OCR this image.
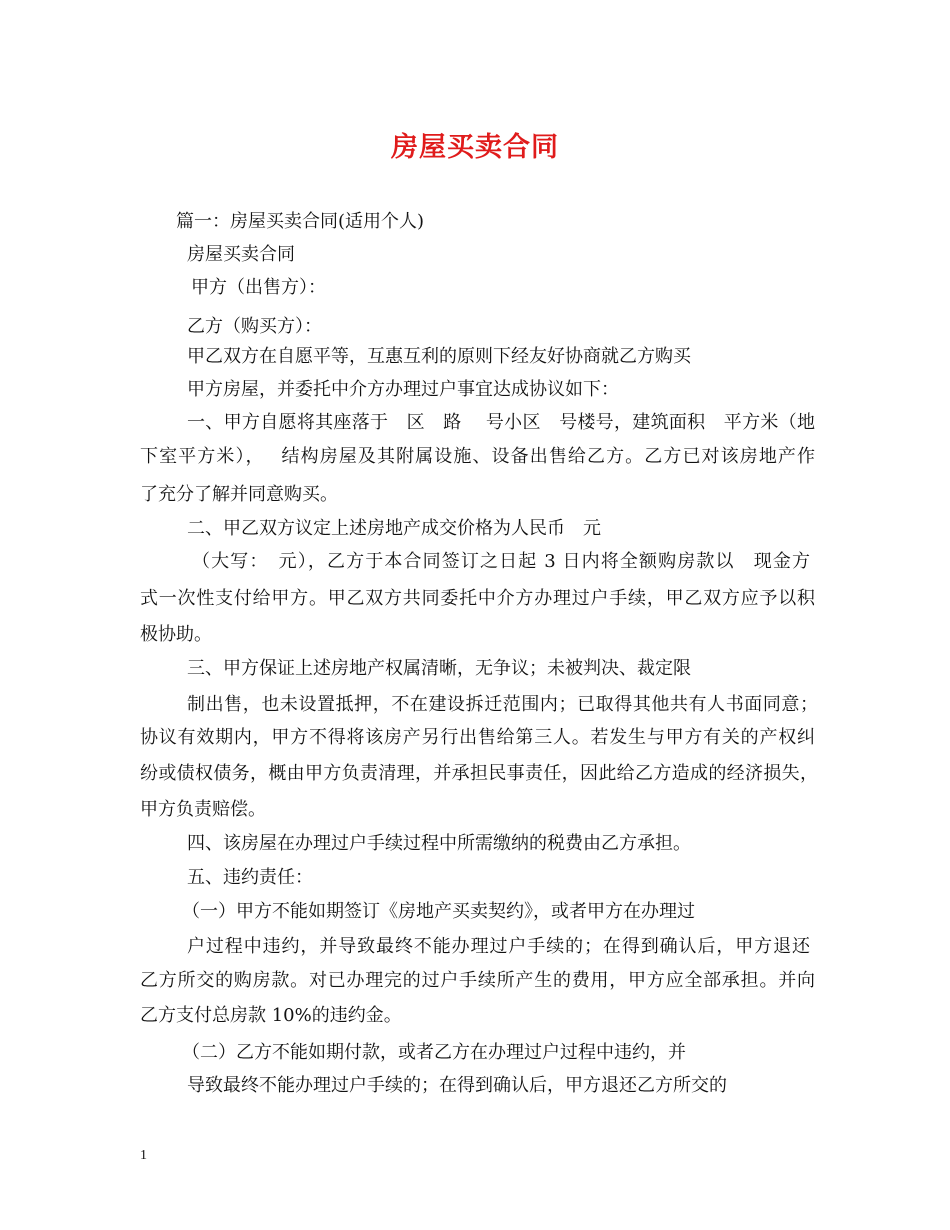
房屋买卖合同
篇一：房屋买卖合同(适用个人)
房屋买卖合同
甲方（出售方）：
乙方（购买方）：
甲乙双方在自愿平等，互惠互利的原则下经友好协商就乙方购买
甲方房屋，并委托中介方办理过户事宜达成协议如下：
一、甲方自愿将其座落于　区　路　 号小区　号楼号，建筑面积　平方米（地
下室平方米），　 结构房屋及其附属设施、设备出售给乙方。乙方已对该房地产作
了充分了解并同意购买。
二、甲乙双方议定上述房地产成交价格为人民币　元
（大写：　元），乙方于本合同签订之日起 3 日内将全额购房款以　现金方
式一次性支付给甲方。甲乙双方共同委托中介方办理过户手续，甲乙双方应予以积
极协助。
三、甲方保证上述房地产权属清晰，无争议；未被判决、裁定限
制出售，也未设置抵押，不在建设拆迁范围内；已取得其他共有人书面同意；
协议有效期内，甲方不得将该房产另行出售给第三人。若发生与甲方有关的产权纠
纷或债权债务，概由甲方负责清理，并承担民事责任，因此给乙方造成的经济损失，
甲方负责赔偿。
四、该房屋在办理过户手续过程中所需缴纳的税费由乙方承担。
五、违约责任：
（一）甲方不能如期签订《房地产买卖契约》，或者甲方在办理过
户过程中违约，并导致最终不能办理过户手续的；在得到确认后，甲方退还
乙方所交的购房款。对已办理完的过户手续所产生的费用，甲方应全部承担。并向
乙方支付总房款 10%的违约金。
（二）乙方不能如期付款，或者乙方在办理过户过程中违约，并
导致最终不能办理过户手续的；在得到确认后，甲方退还乙方所交的
1
